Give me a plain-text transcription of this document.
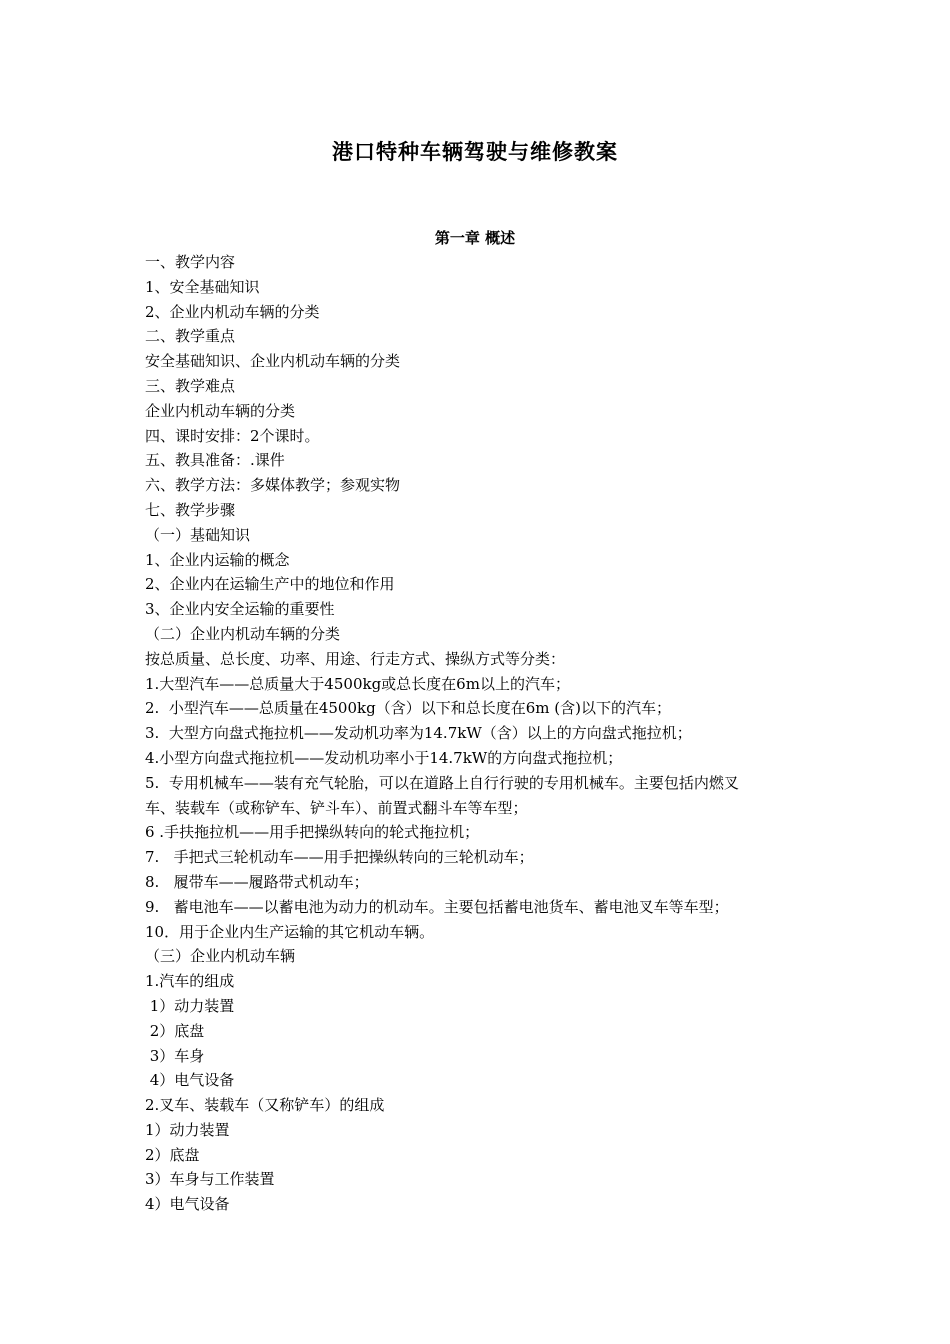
港口特种车辆驾驶与维修教案
第一章 概述
一、教学内容
1、安全基础知识
2、企业内机动车辆的分类
二、教学重点
安全基础知识、企业内机动车辆的分类
三、教学难点
企业内机动车辆的分类
四、课时安排：2个课时。
五、教具准备：.课件
六、教学方法：多媒体教学；参观实物
七、教学步骤
（一）基础知识
1、企业内运输的概念
2、企业内在运输生产中的地位和作用
3、企业内安全运输的重要性
（二）企业内机动车辆的分类
按总质量、总长度、功率、用途、行走方式、操纵方式等分类：
1.大型汽车——总质量大于4500kg或总长度在6m以上的汽车；
2.  小型汽车——总质量在4500kg（含）以下和总长度在6m (含)以下的汽车；
3.  大型方向盘式拖拉机——发动机功率为14.7kW（含）以上的方向盘式拖拉机；
4.小型方向盘式拖拉机——发动机功率小于14.7kW的方向盘式拖拉机；
5.  专用机械车——装有充气轮胎，可以在道路上自行行驶的专用机械车。主要包括内燃叉
车、装载车（或称铲车、铲斗车）、前置式翻斗车等车型；
6 .手扶拖拉机——用手把操纵转向的轮式拖拉机；
7.   手把式三轮机动车——用手把操纵转向的三轮机动车；
8.   履带车——履路带式机动车；
9.   蓄电池车——以蓄电池为动力的机动车。主要包括蓄电池货车、蓄电池叉车等车型；
10．用于企业内生产运输的其它机动车辆。
（三）企业内机动车辆
1.汽车的组成
1）动力装置
2）底盘
3）车身
4）电气设备
2.叉车、装载车（又称铲车）的组成
1）动力装置
2）底盘
3）车身与工作装置
4）电气设备
